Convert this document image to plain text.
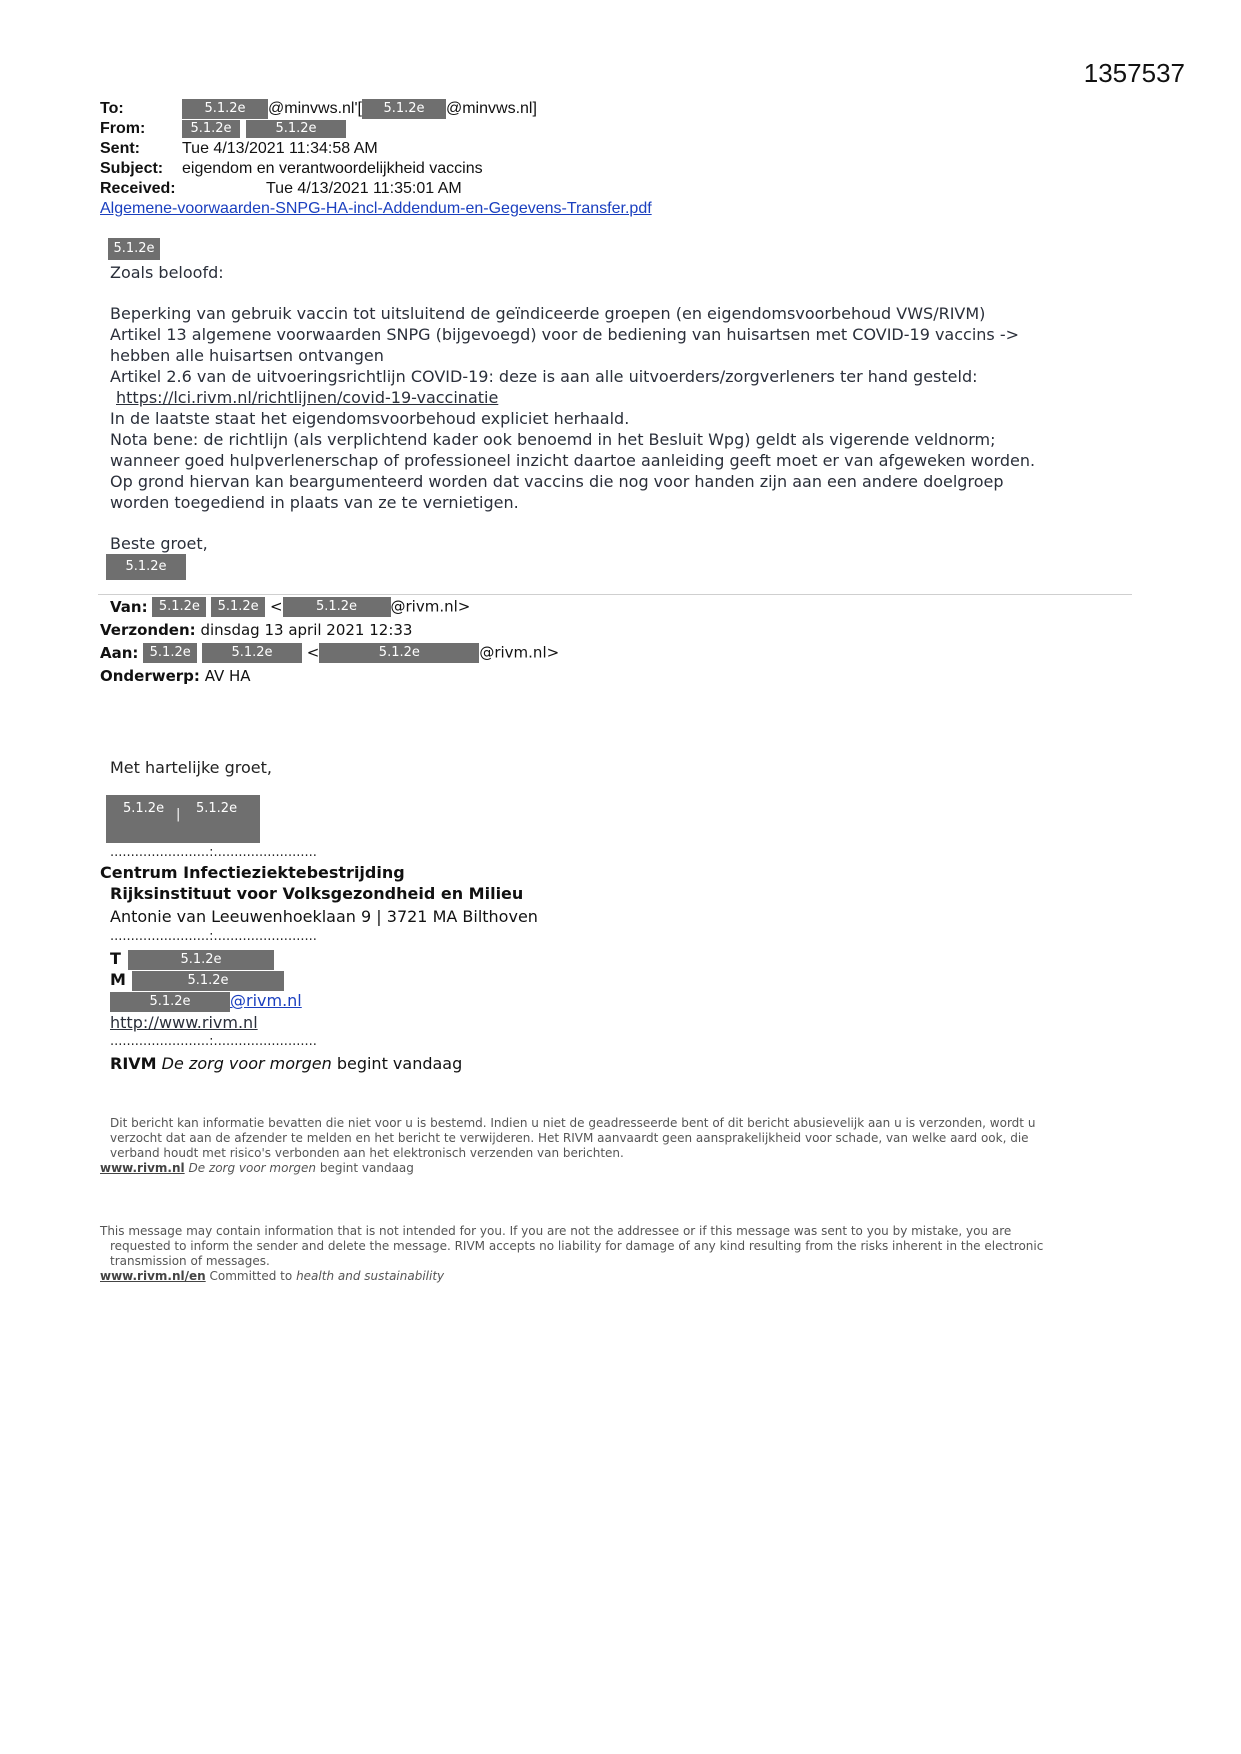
1357537
To:	5.1.2e @minvws.nl'[ 5.1.2e @minvws.nl]
From:	5.1.2e	5.1.2e
Sent:	Tue 4/13/2021 11:34:58 AM
Subject: eigendom en verantwoordelijkheid vaccins
Received:	Tue 4/13/2021 11:35:01 AM
Algemene-voorwaarden-SNPG-HA-incl-Addendum-en-Gegevens-Transfer.pdf
5.1.2e
Zoals beloofd:
Beperking van gebruik vaccin tot uitsluitend de geïndiceerde groepen (en eigendomsvoorbehoud VWS/RIVM)
Artikel 13 algemene voorwaarden SNPG (bijgevoegd) voor de bediening van huisartsen met COVID-19 vaccins ->
hebben alle huisartsen ontvangen
Artikel 2.6 van de uitvoeringsrichtlijn COVID-19: deze is aan alle uitvoerders/zorgverleners ter hand gesteld:
https://lci.rivm.nl/richtlijnen/covid-19-vaccinatie
In de laatste staat het eigendomsvoorbehoud expliciet herhaald.
Nota bene: de richtlijn (als verplichtend kader ook benoemd in het Besluit Wpg) geldt als vigerende veldnorm;
wanneer goed hulpverlenerschap of professioneel inzicht daartoe aanleiding geeft moet er van afgeweken worden.
Op grond hiervan kan beargumenteerd worden dat vaccins die nog voor handen zijn aan een andere doelgroep
worden toegediend in plaats van ze te vernietigen.
Beste groet,
5.1.2e
Van: 5.1.2e 5.1.2e <	5.1.2e @rivm.nl>
Verzonden: dinsdag 13 april 2021 12:33
Aan: 5.1.2e	5.1.2e <	5.1.2e	@rivm.nl>
Onderwerp: AV HA
Met hartelijke groet,
5.1.2e | 5.1.2e
........................:.........................
Centrum Infectieziektebestrijding
Rijksinstituut voor Volksgezondheid en Milieu
Antonie van Leeuwenhoeklaan 9 | 3721 MA Bilthoven
........................:.........................
T	5.1.2e
M	5.1.2e
5.1.2e @rivm.nl
http://www.rivm.nl
........................:.........................
RIVM De zorg voor morgen begint vandaag
Dit bericht kan informatie bevatten die niet voor u is bestemd. Indien u niet de geadresseerde bent of dit bericht abusievelijk aan u is verzonden, wordt u
verzocht dat aan de afzender te melden en het bericht te verwijderen. Het RIVM aanvaardt geen aansprakelijkheid voor schade, van welke aard ook, die
verband houdt met risico's verbonden aan het elektronisch verzenden van berichten.
www.rivm.nl De zorg voor morgen begint vandaag
This message may contain information that is not intended for you. If you are not the addressee or if this message was sent to you by mistake, you are
requested to inform the sender and delete the message. RIVM accepts no liability for damage of any kind resulting from the risks inherent in the electronic
transmission of messages.
www.rivm.nl/en Committed to health and sustainability
